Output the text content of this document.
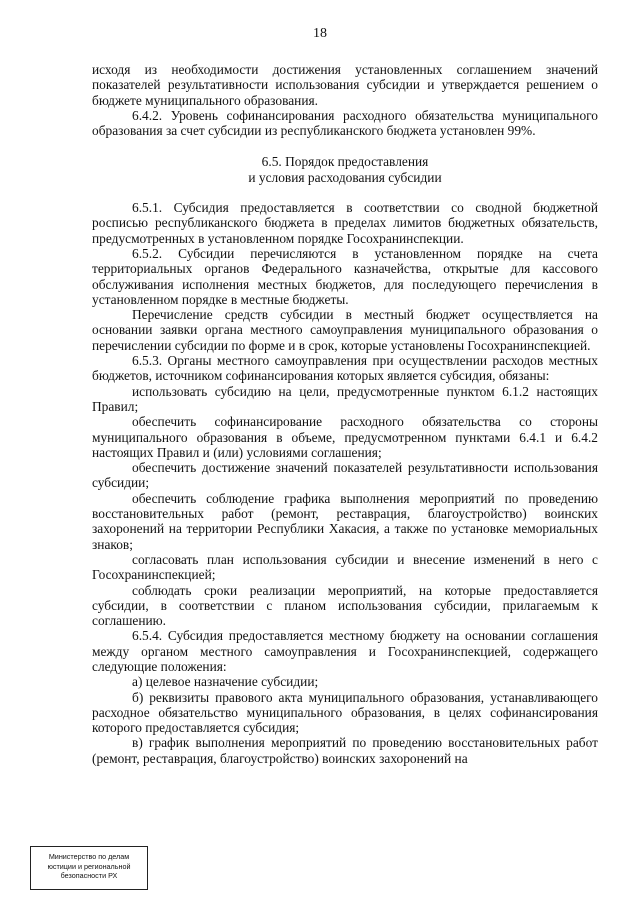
18

исходя из необходимости достижения установленных соглашением значений показателей результативности использования субсидии и утверждается решением о бюджете муниципального образования.

6.4.2. Уровень софинансирования расходного обязательства муниципального образования за счет субсидии из республиканского бюджета установлен 99%.

6.5. Порядок предоставления
и условия расходования субсидии

6.5.1. Субсидия предоставляется в соответствии со сводной бюджетной росписью республиканского бюджета в пределах лимитов бюджетных обязательств, предусмотренных в установленном порядке Госохранинспекции.

6.5.2. Субсидии перечисляются в установленном порядке на счета территориальных органов Федерального казначейства, открытые для кассового обслуживания исполнения местных бюджетов, для последующего перечисления в установленном порядке в местные бюджеты.

Перечисление средств субсидии в местный бюджет осуществляется на основании заявки органа местного самоуправления муниципального образования о перечислении субсидии по форме и в срок, которые установлены Госохранинспекцией.

6.5.3. Органы местного самоуправления при осуществлении расходов местных бюджетов, источником софинансирования которых является субсидия, обязаны:

использовать субсидию на цели, предусмотренные пунктом 6.1.2 настоящих Правил;

обеспечить софинансирование расходного обязательства со стороны муниципального образования в объеме, предусмотренном пунктами 6.4.1 и 6.4.2 настоящих Правил и (или) условиями соглашения;

обеспечить достижение значений показателей результативности использования субсидии;

обеспечить соблюдение графика выполнения мероприятий по проведению восстановительных работ (ремонт, реставрация, благоустройство) воинских захоронений на территории Республики Хакасия, а также по установке мемориальных знаков;

согласовать план использования субсидии и внесение изменений в него с Госохранинспекцией;

соблюдать сроки реализации мероприятий, на которые предоставляется субсидии, в соответствии с планом использования субсидии, прилагаемым к соглашению.

6.5.4. Субсидия предоставляется местному бюджету на основании соглашения между органом местного самоуправления и Госохранинспекцией, содержащего следующие положения:

а) целевое назначение субсидии;

б) реквизиты правового акта муниципального образования, устанавливающего расходное обязательство муниципального образования, в целях софинансирования которого предоставляется субсидия;

в) график выполнения мероприятий по проведению восстановительных работ (ремонт, реставрация, благоустройство) воинских захоронений на

Министерство по делам
юстиции и региональной
безопасности РХ
